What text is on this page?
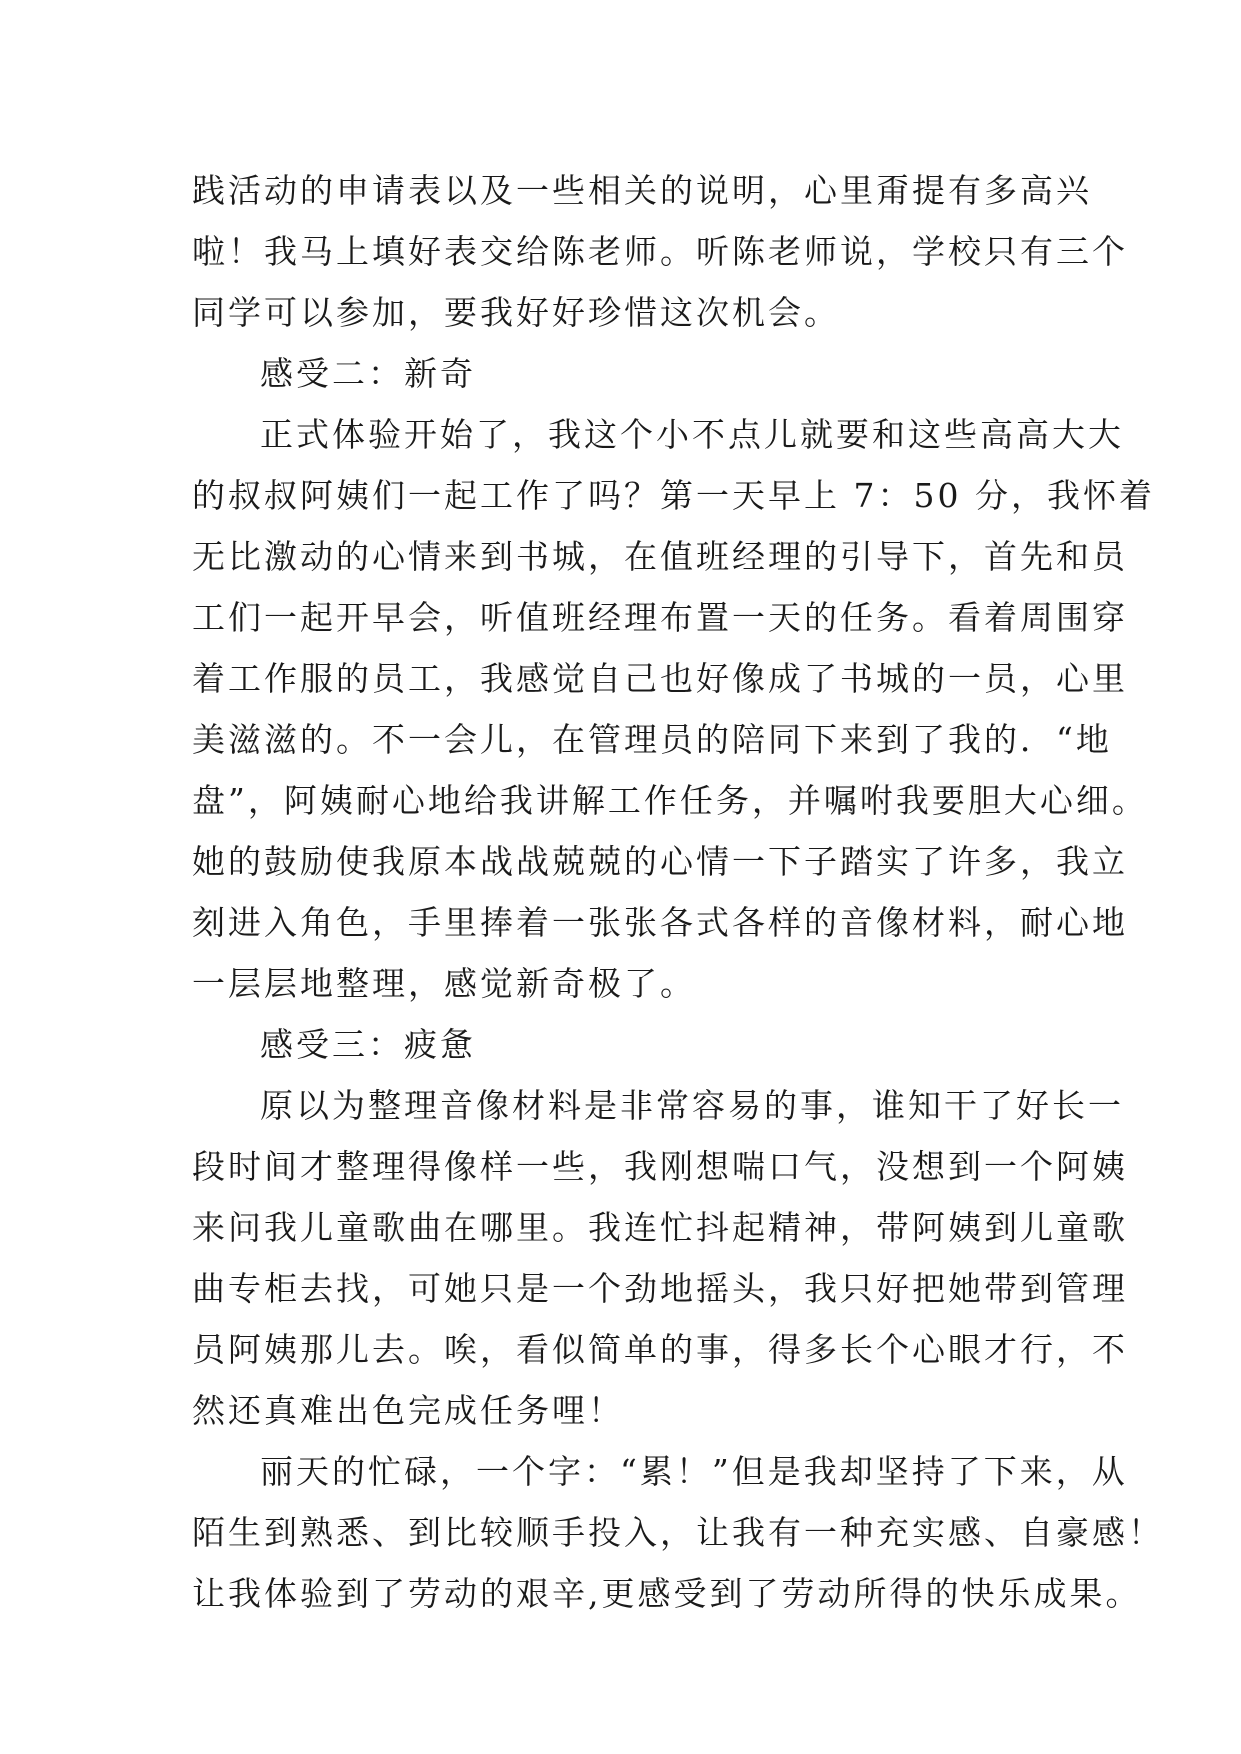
践活动的申请表以及一些相关的说明，心里甭提有多高兴
啦！我马上填好表交给陈老师。听陈老师说，学校只有三个
同学可以参加，要我好好珍惜这次机会。
感受二：新奇
正式体验开始了，我这个小不点儿就要和这些高高大大
的叔叔阿姨们一起工作了吗？第一天早上 7：50 分，我怀着
无比激动的心情来到书城，在值班经理的引导下，首先和员
工们一起开早会，听值班经理布置一天的任务。看着周围穿
着工作服的员工，我感觉自己也好像成了书城的一员，心里
美滋滋的。不一会儿，在管理员的陪同下来到了我的．“地
盘”，阿姨耐心地给我讲解工作任务，并嘱咐我要胆大心细。
她的鼓励使我原本战战兢兢的心情一下子踏实了许多，我立
刻进入角色，手里捧着一张张各式各样的音像材料，耐心地
一层层地整理，感觉新奇极了。
感受三：疲惫
原以为整理音像材料是非常容易的事，谁知干了好长一
段时间才整理得像样一些，我刚想喘口气，没想到一个阿姨
来问我儿童歌曲在哪里。我连忙抖起精神，带阿姨到儿童歌
曲专柜去找，可她只是一个劲地摇头，我只好把她带到管理
员阿姨那儿去。唉，看似简单的事，得多长个心眼才行，不
然还真难出色完成任务哩！
丽天的忙碌，一个字：“累！”但是我却坚持了下来，从
陌生到熟悉、到比较顺手投入，让我有一种充实感、自豪感！
让我体验到了劳动的艰辛,更感受到了劳动所得的快乐成果。
